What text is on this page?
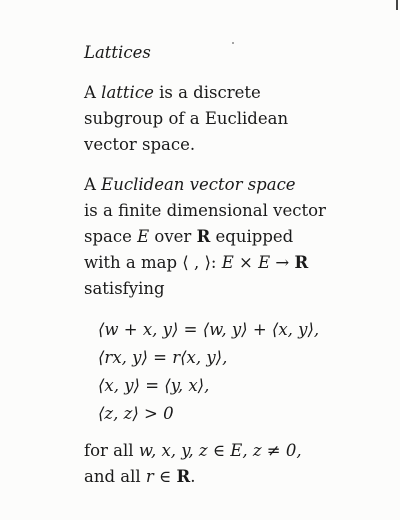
Lattices

A lattice is a discrete
subgroup of a Euclidean
vector space.

A Euclidean vector space
is a finite dimensional vector
space E over R equipped
with a map ⟨ , ⟩: E × E → R
satisfying

⟨w + x, y⟩ = ⟨w, y⟩ + ⟨x, y⟩,
⟨rx, y⟩ = r⟨x, y⟩,
⟨x, y⟩ = ⟨y, x⟩,
⟨z, z⟩ > 0

for all w, x, y, z ∈ E, z ≠ 0,
and all r ∈ R.
